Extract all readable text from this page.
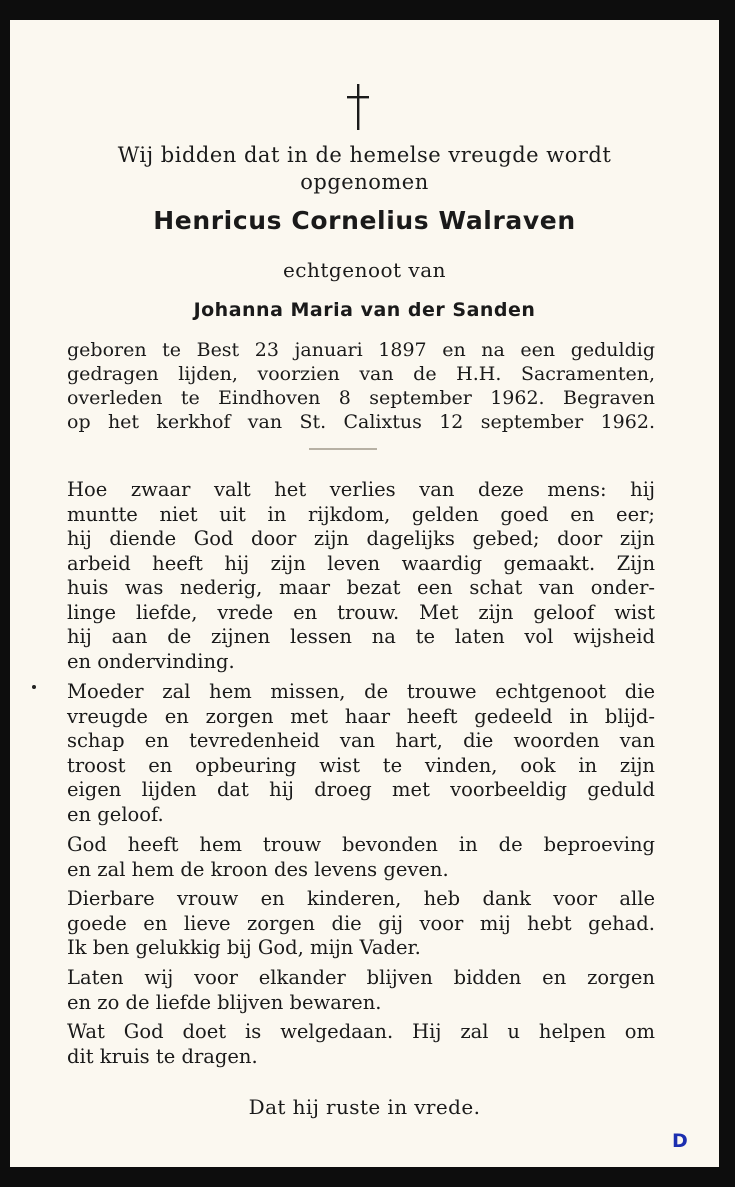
Wij bidden dat in de hemelse vreugde wordt
opgenomen
Henricus Cornelius Walraven
echtgenoot van
Johanna Maria van der Sanden
geboren te Best 23 januari 1897 en na een geduldig
gedragen lijden, voorzien van de H.H. Sacramenten,
overleden te Eindhoven 8 september 1962. Begraven
op het kerkhof van St. Calixtus 12 september 1962.
Hoe zwaar valt het verlies van deze mens: hij
muntte niet uit in rijkdom, gelden goed en eer;
hij diende God door zijn dagelijks gebed; door zijn
arbeid heeft hij zijn leven waardig gemaakt. Zijn
huis was nederig, maar bezat een schat van onder-
linge liefde, vrede en trouw. Met zijn geloof wist
hij aan de zijnen lessen na te laten vol wijsheid
en ondervinding.
Moeder zal hem missen, de trouwe echtgenoot die
vreugde en zorgen met haar heeft gedeeld in blijd-
schap en tevredenheid van hart, die woorden van
troost en opbeuring wist te vinden, ook in zijn
eigen lijden dat hij droeg met voorbeeldig geduld
en geloof.
God heeft hem trouw bevonden in de beproeving
en zal hem de kroon des levens geven.
Dierbare vrouw en kinderen, heb dank voor alle
goede en lieve zorgen die gij voor mij hebt gehad.
Ik ben gelukkig bij God, mijn Vader.
Laten wij voor elkander blijven bidden en zorgen
en zo de liefde blijven bewaren.
Wat God doet is welgedaan. Hij zal u helpen om
dit kruis te dragen.
Dat hij ruste in vrede.
D
